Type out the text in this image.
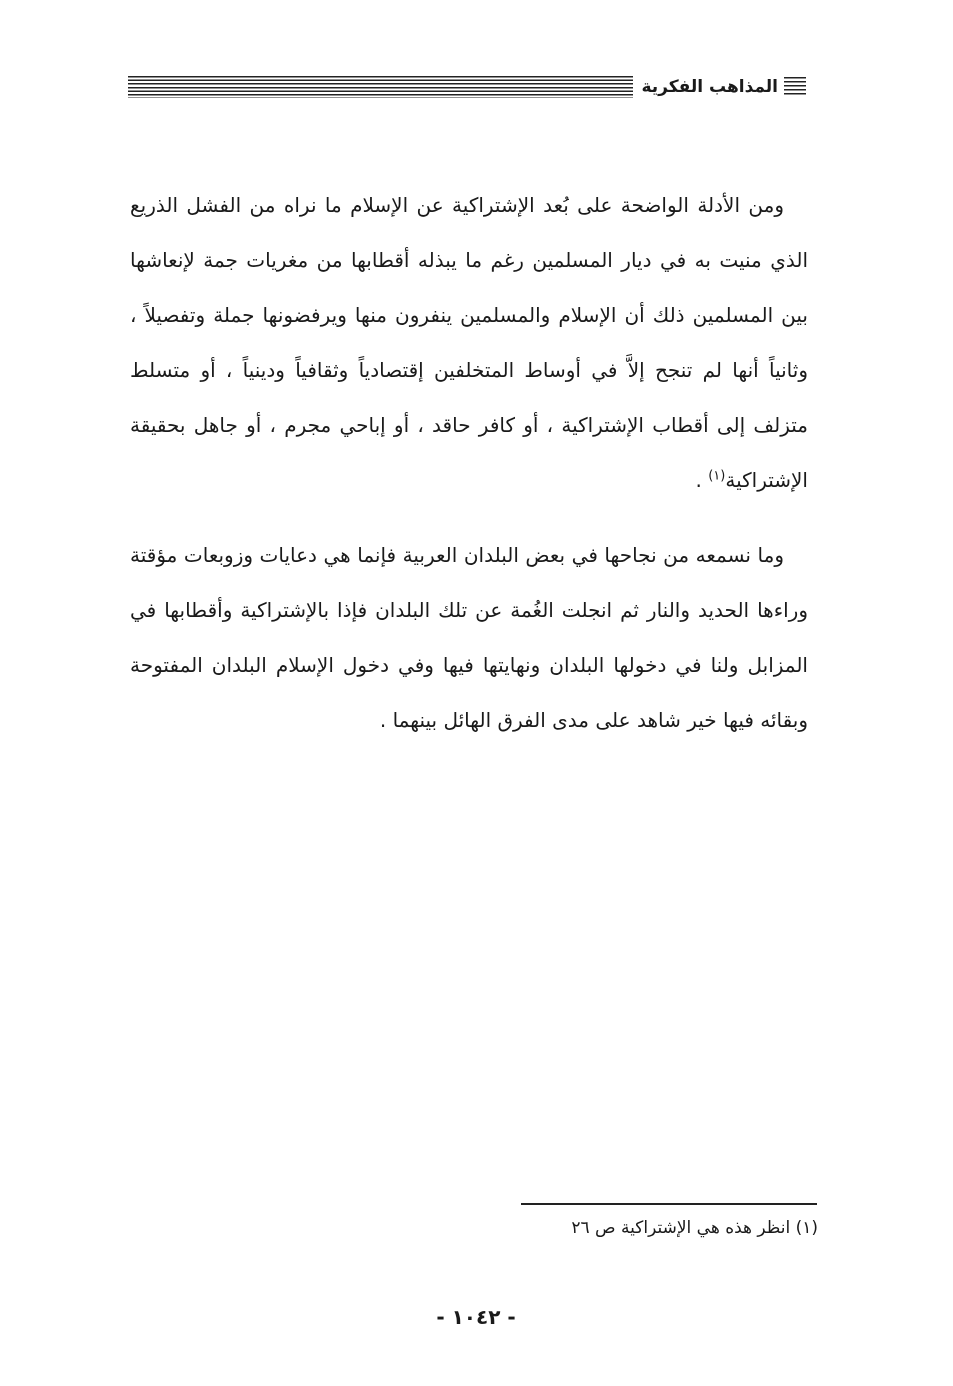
المذاهب الفكرية

ومن الأدلة الواضحة على بُعد الإشتراكية عن الإسلام ما نراه من الفشل الذريع الذي منيت به في ديار المسلمين رغم ما يبذله أقطابها من مغريات جمة لإنعاشها بين المسلمين ذلك أن الإسلام والمسلمين ينفرون منها ويرفضونها جملة وتفصيلاً ، وثانياً أنها لم تنجح إلاَّ في أوساط المتخلفين إقتصادياً وثقافياً ودينياً ، أو متسلط متزلف إلى أقطاب الإشتراكية ، أو كافر حاقد ، أو إباحي مجرم ، أو جاهل بحقيقة الإشتراكية$^{(١)}$ .

وما نسمعه من نجاحها في بعض البلدان العربية فإنما هي دعايات وزوبعات مؤقتة وراءها الحديد والنار ثم انجلت الغُمة عن تلك البلدان فإذا بالإشتراكية وأقطابها في المزابل ولنا في دخولها البلدان ونهايتها فيها وفي دخول الإسلام البلدان المفتوحة وبقائه فيها خير شاهد على مدى الفرق الهائل بينهما .

(١) انظر هذه هي الإشتراكية ص ٢٦
- ١٠٤٢ -
